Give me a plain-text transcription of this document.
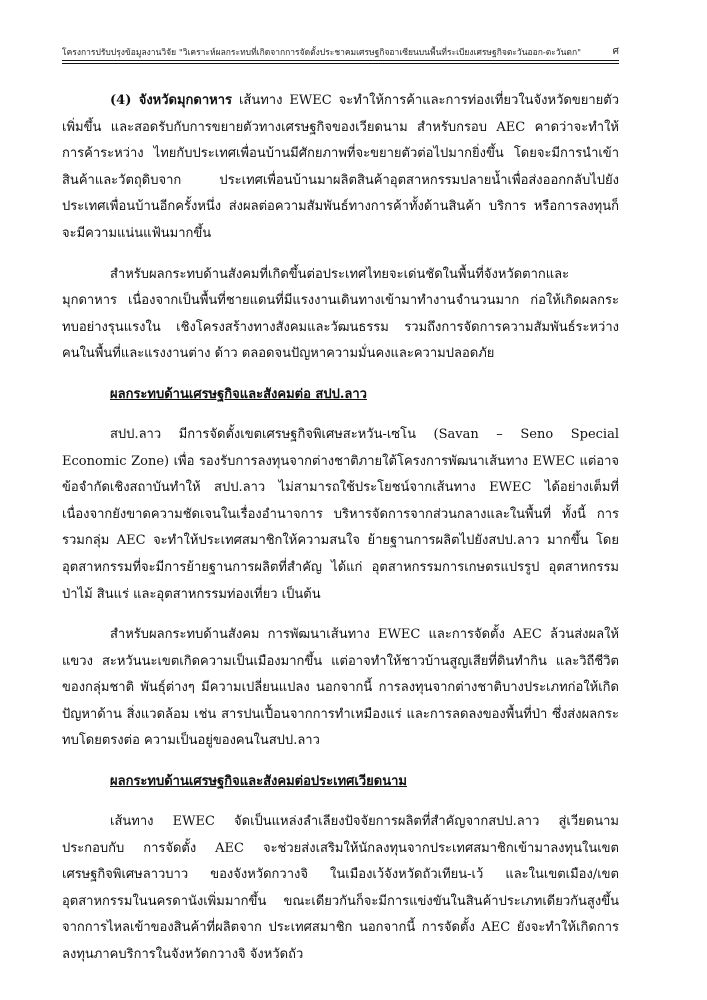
โครงการปรับปรุงข้อมูลงานวิจัย "วิเคราะห์ผลกระทบที่เกิดจากการจัดตั้งประชาคมเศรษฐกิจอาเซียนบนพื้นที่ระเบียงเศรษฐกิจตะวันออก-ตะวันตก"	ศ

(4) จังหวัดมุกดาหาร เส้นทาง EWEC จะทำให้การค้าและการท่องเที่ยวในจังหวัดขยายตัวเพิ่มขึ้น และสอดรับกับการขยายตัวทางเศรษฐกิจของเวียดนาม สำหรับกรอบ AEC คาดว่าจะทำให้การค้าระหว่าง ไทยกับประเทศเพื่อนบ้านมีศักยภาพที่จะขยายตัวต่อไปมากยิ่งขึ้น โดยจะมีการนำเข้าสินค้าและวัตถุดิบจาก ประเทศเพื่อนบ้านมาผลิตสินค้าอุตสาหกรรมปลายน้ำเพื่อส่งออกกลับไปยังประเทศเพื่อนบ้านอีกครั้งหนึ่ง ส่งผลต่อความสัมพันธ์ทางการค้าทั้งด้านสินค้า บริการ หรือการลงทุนก็จะมีความแน่นแฟ้นมากขึ้น

สำหรับผลกระทบด้านสังคมที่เกิดขึ้นต่อประเทศไทยจะเด่นชัดในพื้นที่จังหวัดตากและมุกดาหาร เนื่องจากเป็นพื้นที่ชายแดนที่มีแรงงานเดินทางเข้ามาทำงานจำนวนมาก ก่อให้เกิดผลกระทบอย่างรุนแรงใน เชิงโครงสร้างทางสังคมและวัฒนธรรม รวมถึงการจัดการความสัมพันธ์ระหว่างคนในพื้นที่และแรงงานต่าง ด้าว ตลอดจนปัญหาความมั่นคงและความปลอดภัย

ผลกระทบด้านเศรษฐกิจและสังคมต่อ สปป.ลาว

สปป.ลาว มีการจัดตั้งเขตเศรษฐกิจพิเศษสะหวัน-เซโน (Savan – Seno Special Economic Zone) เพื่อ รองรับการลงทุนจากต่างชาติภายใต้โครงการพัฒนาเส้นทาง EWEC แต่อาจข้อจำกัดเชิงสถาบันทำให้ สปป.ลาว ไม่สามารถใช้ประโยชน์จากเส้นทาง EWEC ได้อย่างเต็มที่ เนื่องจากยังขาดความชัดเจนในเรื่องอำนาจการ บริหารจัดการจากส่วนกลางและในพื้นที่ ทั้งนี้ การรวมกลุ่ม AEC จะทำให้ประเทศสมาชิกให้ความสนใจ ย้ายฐานการผลิตไปยังสปป.ลาว มากขึ้น โดยอุตสาหกรรมที่จะมีการย้ายฐานการผลิตที่สำคัญ ได้แก่ อุตสาหกรรมการเกษตรแปรรูป อุตสาหกรรมป่าไม้ สินแร่ และอุตสาหกรรมท่องเที่ยว เป็นต้น

สำหรับผลกระทบด้านสังคม การพัฒนาเส้นทาง EWEC และการจัดตั้ง AEC ล้วนส่งผลให้แขวง สะหวันนะเขตเกิดความเป็นเมืองมากขึ้น แต่อาจทำให้ชาวบ้านสูญเสียที่ดินทำกิน และวิถีชีวิตของกลุ่มชาติ พันธุ์ต่างๆ มีความเปลี่ยนแปลง นอกจากนี้ การลงทุนจากต่างชาติบางประเภทก่อให้เกิดปัญหาด้าน สิ่งแวดล้อม เช่น สารปนเปื้อนจากการทำเหมืองแร่ และการลดลงของพื้นที่ป่า ซึ่งส่งผลกระทบโดยตรงต่อ ความเป็นอยู่ของคนในสปป.ลาว

ผลกระทบด้านเศรษฐกิจและสังคมต่อประเทศเวียดนาม

เส้นทาง EWEC จัดเป็นแหล่งลำเลียงปัจจัยการผลิตที่สำคัญจากสปป.ลาว สู่เวียดนาม ประกอบกับ การจัดตั้ง AEC จะช่วยส่งเสริมให้นักลงทุนจากประเทศสมาชิกเข้ามาลงทุนในเขตเศรษฐกิจพิเศษลาวบาว ของจังหวัดกวางจิ ในเมืองเว้จังหวัดถัวเทียน-เว้ และในเขตเมือง/เขตอุตสาหกรรมในนครดานังเพิ่มมากขึ้น ขณะเดียวกันก็จะมีการแข่งขันในสินค้าประเภทเดียวกันสูงขึ้นจากการไหลเข้าของสินค้าที่ผลิตจาก ประเทศสมาชิก นอกจากนี้ การจัดตั้ง AEC ยังจะทำให้เกิดการลงทุนภาคบริการในจังหวัดกวางจิ จังหวัดถัว
